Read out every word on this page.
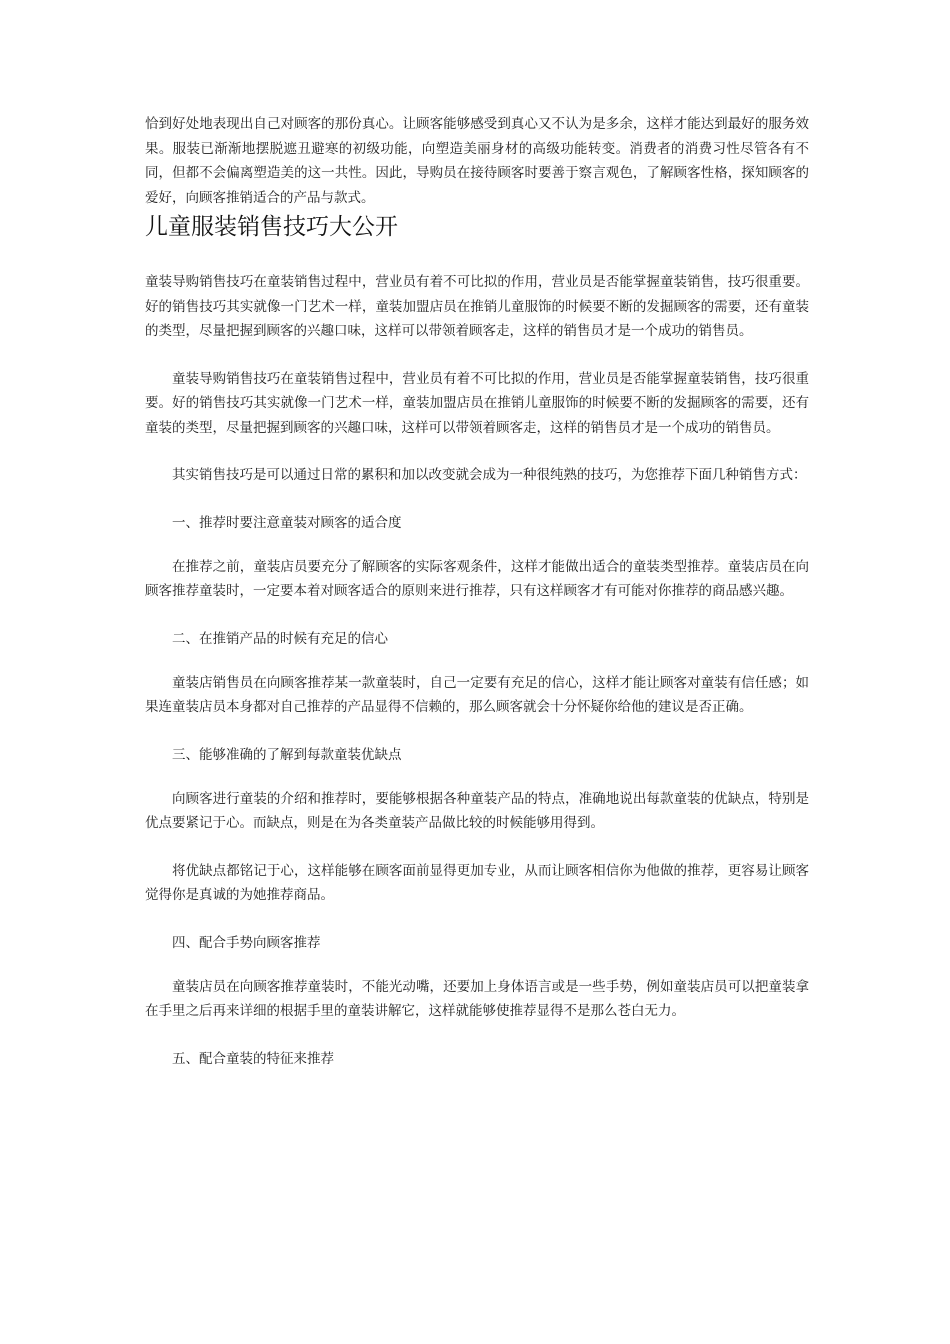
恰到好处地表现出自己对顾客的那份真心。让顾客能够感受到真心又不认为是多余，这样才能达到最好的服务效果。服装已渐渐地摆脱遮丑避寒的初级功能，向塑造美丽身材的高级功能转变。消费者的消费习性尽管各有不同，但都不会偏离塑造美的这一共性。因此，导购员在接待顾客时要善于察言观色，了解顾客性格，探知顾客的爱好，向顾客推销适合的产品与款式。

儿童服装销售技巧大公开

童装导购销售技巧在童装销售过程中，营业员有着不可比拟的作用，营业员是否能掌握童装销售，技巧很重要。好的销售技巧其实就像一门艺术一样，童装加盟店员在推销儿童服饰的时候要不断的发掘顾客的需要，还有童装的类型，尽量把握到顾客的兴趣口味，这样可以带领着顾客走，这样的销售员才是一个成功的销售员。

童装导购销售技巧在童装销售过程中，营业员有着不可比拟的作用，营业员是否能掌握童装销售，技巧很重要。好的销售技巧其实就像一门艺术一样，童装加盟店员在推销儿童服饰的时候要不断的发掘顾客的需要，还有童装的类型，尽量把握到顾客的兴趣口味，这样可以带领着顾客走，这样的销售员才是一个成功的销售员。

其实销售技巧是可以通过日常的累积和加以改变就会成为一种很纯熟的技巧，为您推荐下面几种销售方式：

一、推荐时要注意童装对顾客的适合度

在推荐之前，童装店员要充分了解顾客的实际客观条件，这样才能做出适合的童装类型推荐。童装店员在向顾客推荐童装时，一定要本着对顾客适合的原则来进行推荐，只有这样顾客才有可能对你推荐的商品感兴趣。

二、在推销产品的时候有充足的信心

童装店销售员在向顾客推荐某一款童装时，自己一定要有充足的信心，这样才能让顾客对童装有信任感；如果连童装店员本身都对自己推荐的产品显得不信赖的，那么顾客就会十分怀疑你给他的建议是否正确。

三、能够准确的了解到每款童装优缺点

向顾客进行童装的介绍和推荐时，要能够根据各种童装产品的特点，准确地说出每款童装的优缺点，特别是优点要紧记于心。而缺点，则是在为各类童装产品做比较的时候能够用得到。

将优缺点都铭记于心，这样能够在顾客面前显得更加专业，从而让顾客相信你为他做的推荐，更容易让顾客觉得你是真诚的为她推荐商品。

四、配合手势向顾客推荐

童装店员在向顾客推荐童装时，不能光动嘴，还要加上身体语言或是一些手势，例如童装店员可以把童装拿在手里之后再来详细的根据手里的童装讲解它，这样就能够使推荐显得不是那么苍白无力。

五、配合童装的特征来推荐
